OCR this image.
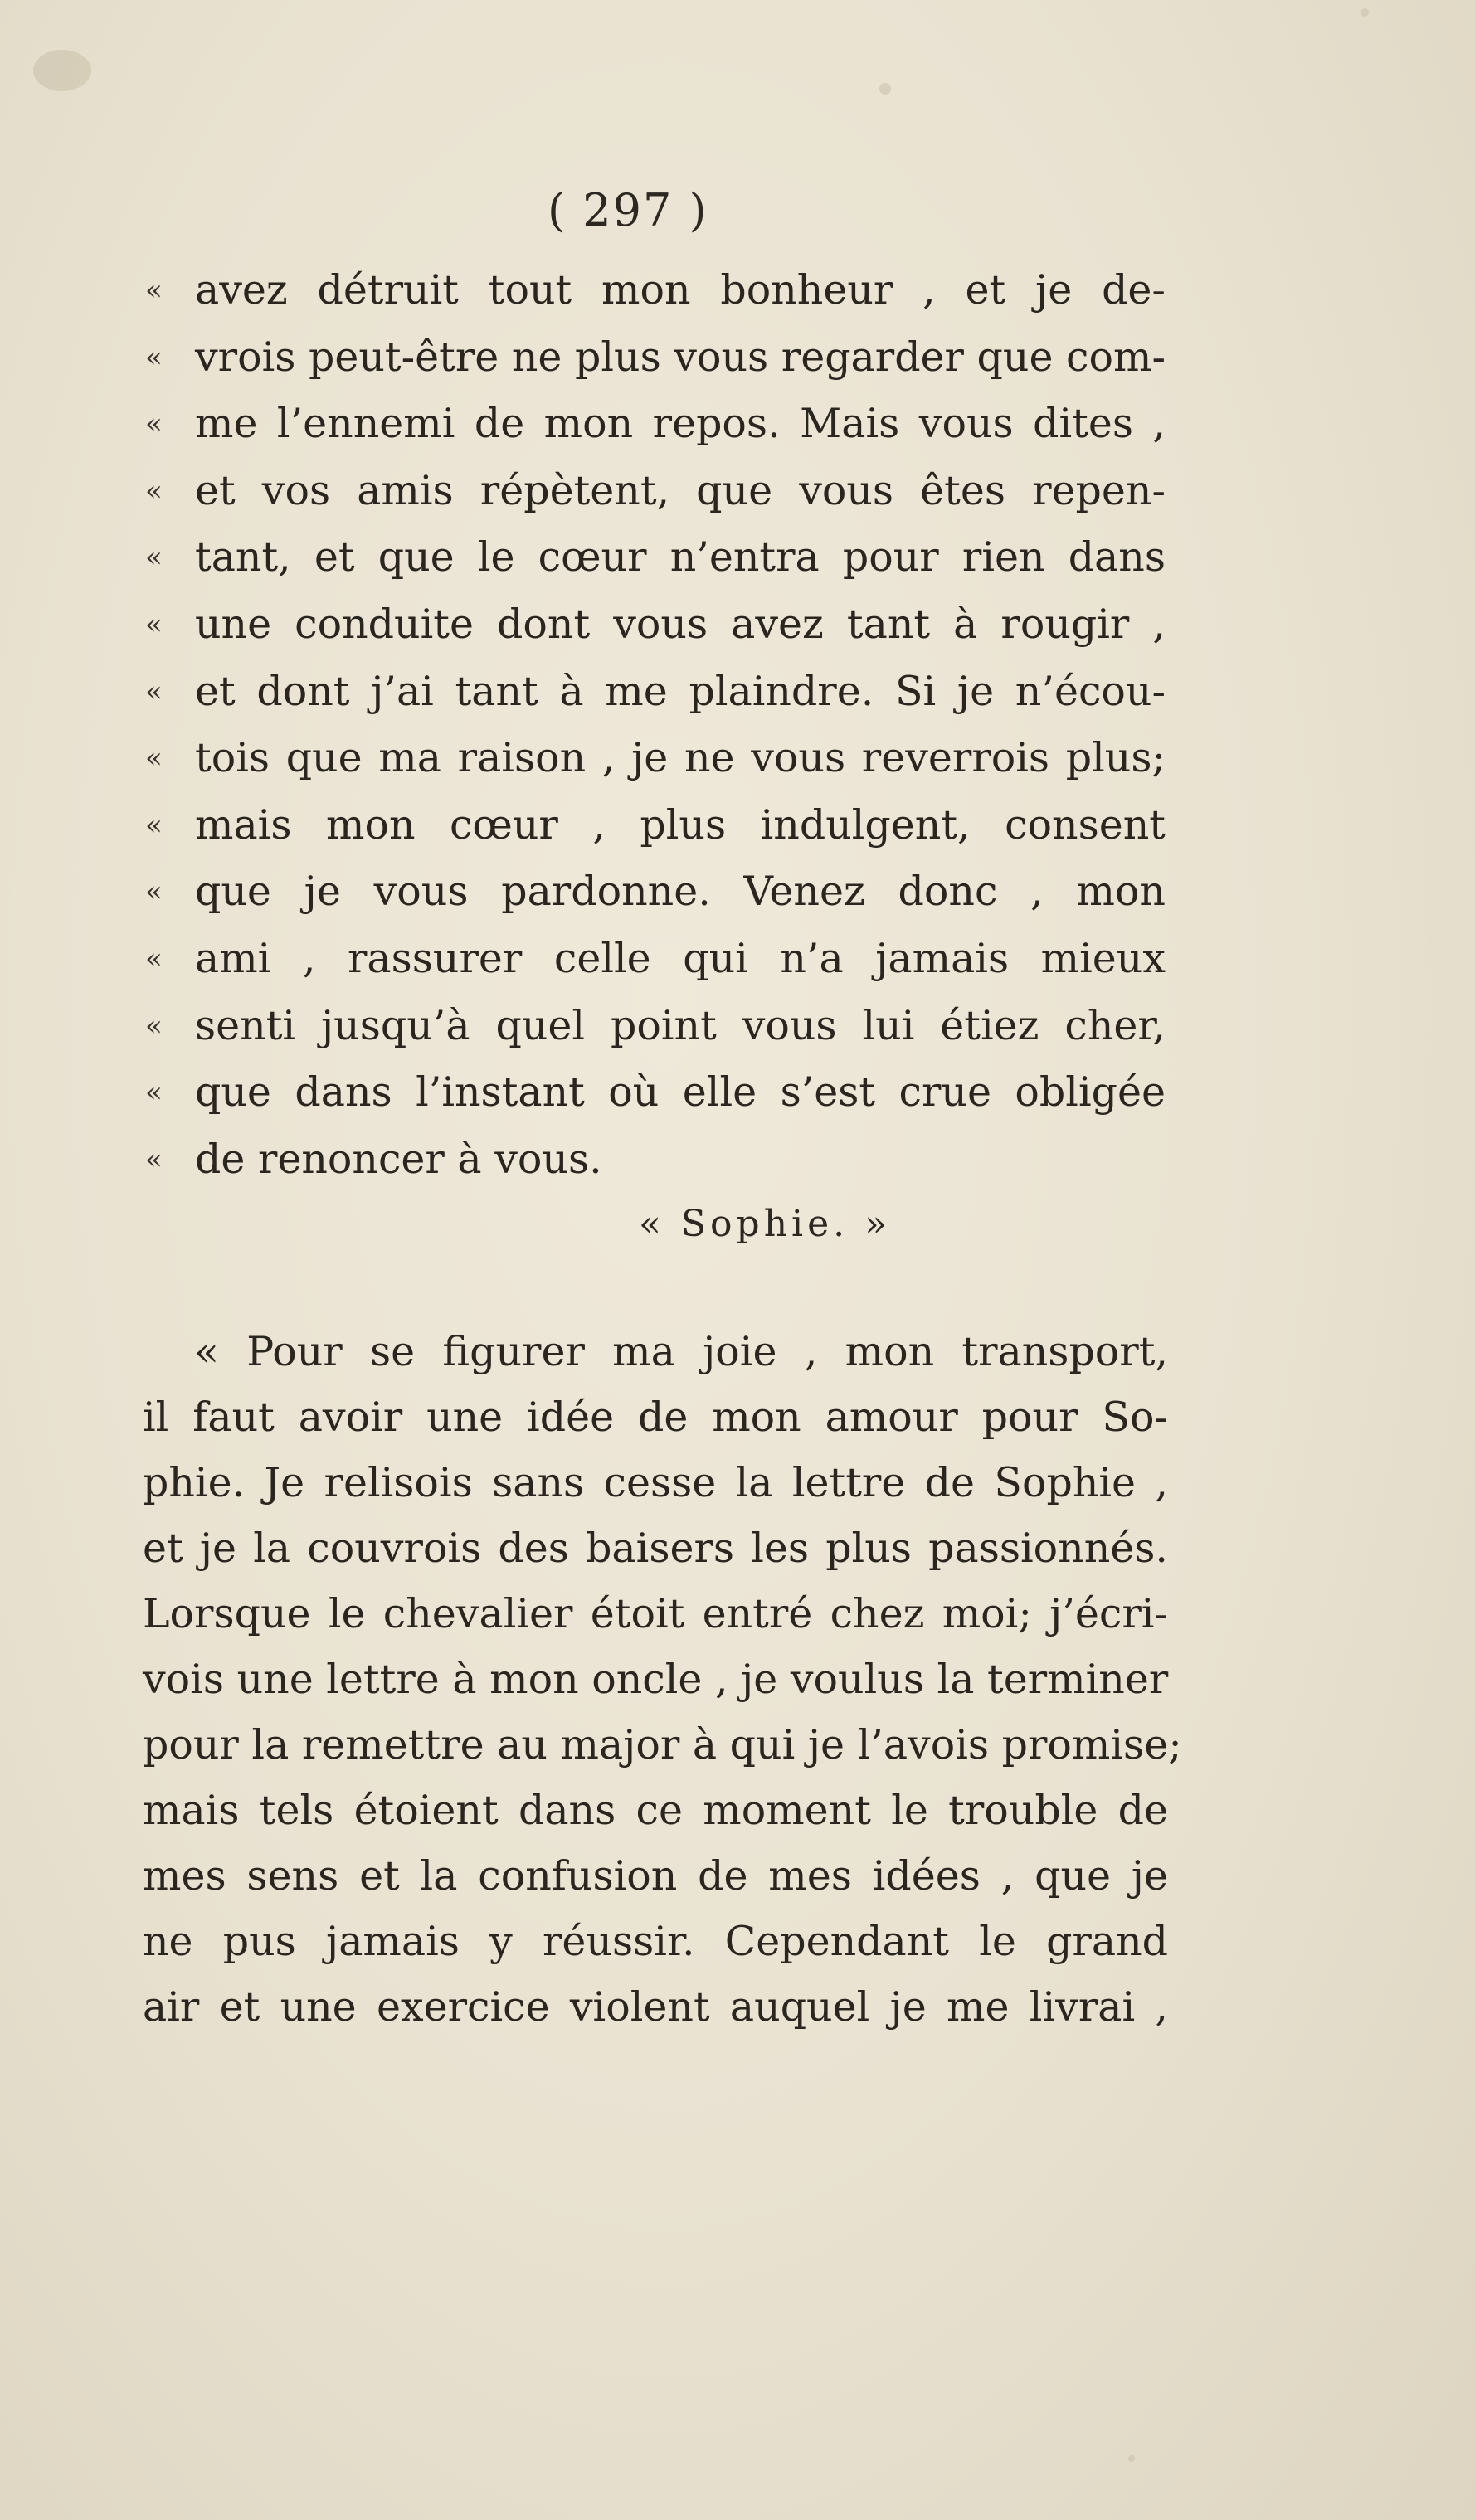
( 297 )
« avez détruit tout mon bonheur , et je de-
« vrois peut-être ne plus vous regarder que com-
« me l’ennemi de mon repos. Mais vous dites ,
« et vos amis répètent, que vous êtes repen-
« tant, et que le cœur n’entra pour rien dans
« une conduite dont vous avez tant à rougir ,
« et dont j’ai tant à me plaindre. Si je n’écou-
« tois que ma raison , je ne vous reverrois plus;
« mais mon cœur , plus indulgent, consent
« que je vous pardonne. Venez donc , mon
« ami , rassurer celle qui n’a jamais mieux
« senti jusqu’à quel point vous lui étiez cher,
« que dans l’instant où elle s’est crue obligée
« de renoncer à vous.
« Sophie. »
« Pour se figurer ma joie , mon transport,
il faut avoir une idée de mon amour pour So-
phie. Je relisois sans cesse la lettre de Sophie ,
et je la couvrois des baisers les plus passionnés.
Lorsque le chevalier étoit entré chez moi; j’écri-
vois une lettre à mon oncle , je voulus la terminer
pour la remettre au major à qui je l’avois promise;
mais tels étoient dans ce moment le trouble de
mes sens et la confusion de mes idées , que je
ne pus jamais y réussir. Cependant le grand
air et une exercice violent auquel je me livrai ,
